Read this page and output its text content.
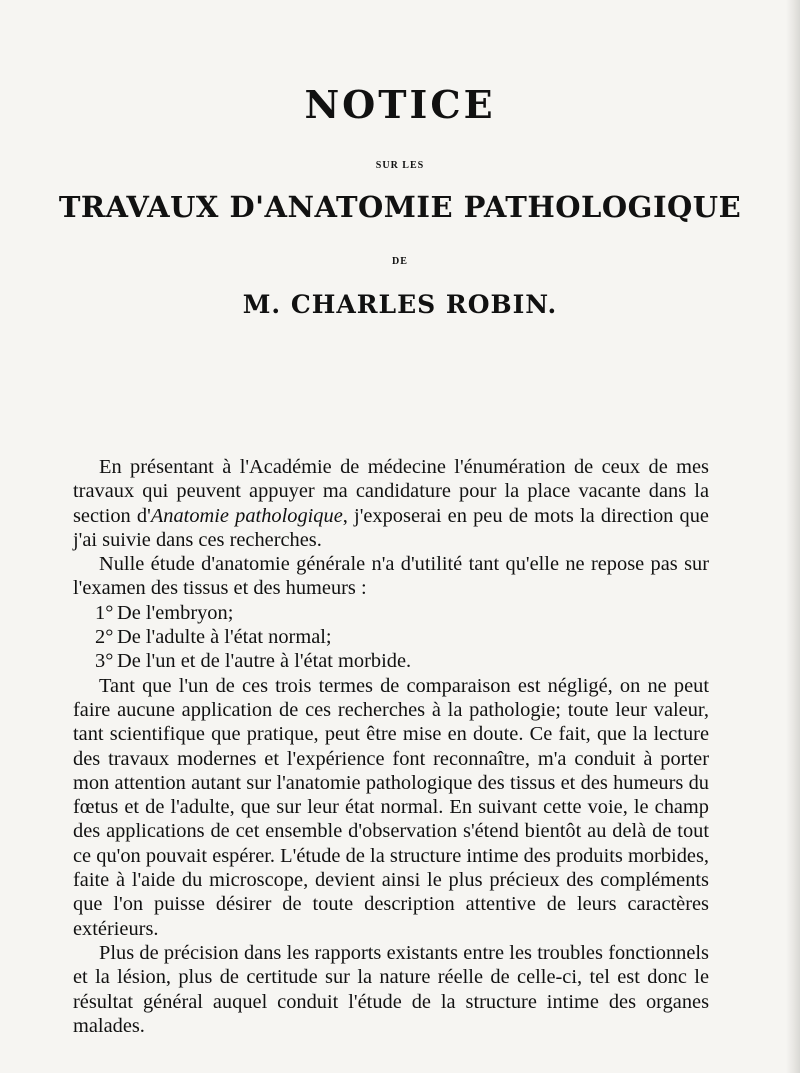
NOTICE
SUR LES
TRAVAUX D'ANATOMIE PATHOLOGIQUE
DE
M. CHARLES ROBIN.

En présentant à l'Académie de médecine l'énumération de ceux de mes travaux qui peuvent appuyer ma candidature pour la place vacante dans la section d'Anatomie pathologique, j'exposerai en peu de mots la direction que j'ai suivie dans ces recherches.

Nulle étude d'anatomie générale n'a d'utilité tant qu'elle ne repose pas sur l'examen des tissus et des humeurs :

1° De l'embryon;
2° De l'adulte à l'état normal;
3° De l'un et de l'autre à l'état morbide.

Tant que l'un de ces trois termes de comparaison est négligé, on ne peut faire aucune application de ces recherches à la pathologie; toute leur valeur, tant scientifique que pratique, peut être mise en doute. Ce fait, que la lecture des travaux modernes et l'expérience font reconnaître, m'a conduit à porter mon attention autant sur l'anatomie pathologique des tissus et des humeurs du fœtus et de l'adulte, que sur leur état normal. En suivant cette voie, le champ des applications de cet ensemble d'observation s'étend bientôt au delà de tout ce qu'on pouvait espérer. L'étude de la structure intime des produits morbides, faite à l'aide du microscope, devient ainsi le plus précieux des compléments que l'on puisse désirer de toute description attentive de leurs caractères extérieurs.

Plus de précision dans les rapports existants entre les troubles fonctionnels et la lésion, plus de certitude sur la nature réelle de celle-ci, tel est donc le résultat général auquel conduit l'étude de la structure intime des organes malades.
